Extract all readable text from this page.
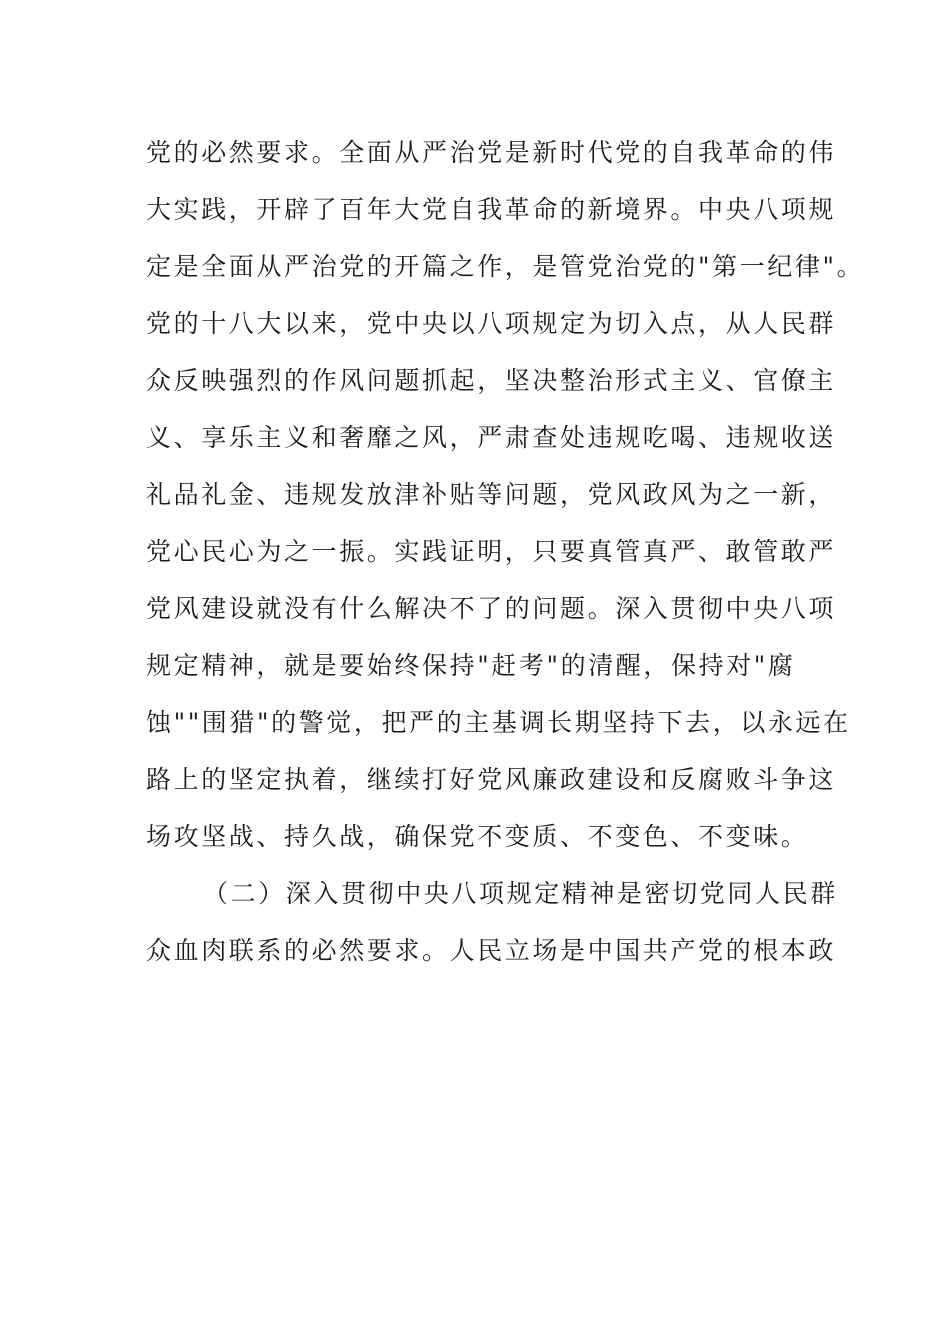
党的必然要求。全面从严治党是新时代党的自我革命的伟

大实践，开辟了百年大党自我革命的新境界。中央八项规

定是全面从严治党的开篇之作，是管党治党的"第一纪律"。

党的十八大以来，党中央以八项规定为切入点，从人民群

众反映强烈的作风问题抓起，坚决整治形式主义、官僚主

义、享乐主义和奢靡之风，严肃查处违规吃喝、违规收送

礼品礼金、违规发放津补贴等问题，党风政风为之一新，

党心民心为之一振。实践证明，只要真管真严、敢管敢严

党风建设就没有什么解决不了的问题。深入贯彻中央八项

规定精神，就是要始终保持"赶考"的清醒，保持对"腐

蚀""围猎"的警觉，把严的主基调长期坚持下去，以永远在

路上的坚定执着，继续打好党风廉政建设和反腐败斗争这

场攻坚战、持久战，确保党不变质、不变色、不变味。

（二）深入贯彻中央八项规定精神是密切党同人民群

众血肉联系的必然要求。人民立场是中国共产党的根本政
